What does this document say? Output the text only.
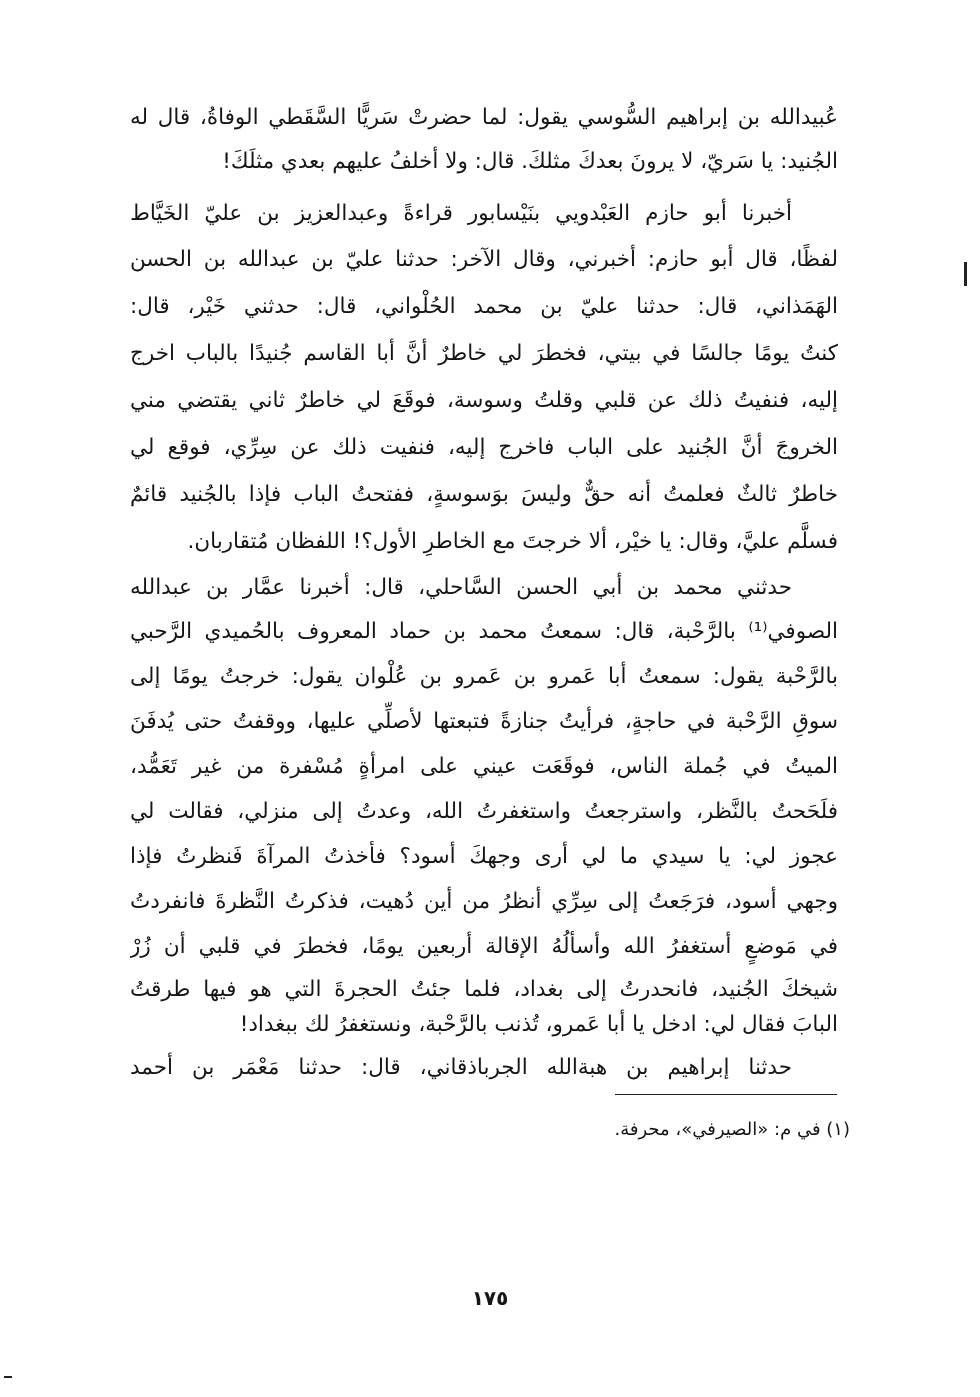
عُبيدالله بن إبراهيم السُّوسي يقول: لما حضرتْ سَريًّا السَّقَطي الوفاةُ، قال له
الجُنيد: يا سَريّ، لا يرونَ بعدكَ مثلكَ. قال: ولا أخلفُ عليهم بعدي مثلَكَ!
أخبرنا أبو حازم العَبْدويي بنَيْسابور قراءةً وعبدالعزيز بن عليّ الخَيَّاط
لفظًا، قال أبو حازم: أخبرني، وقال الآخر: حدثنا عليّ بن عبدالله بن الحسن
الهَمَذاني، قال: حدثنا عليّ بن محمد الحُلْواني، قال: حدثني خَيْر، قال:
كنتُ يومًا جالسًا في بيتي، فخطرَ لي خاطرٌ أنَّ أبا القاسم جُنيدًا بالباب اخرج
إليه، فنفيتُ ذلك عن قلبي وقلتُ وسوسة، فوقَعَ لي خاطرٌ ثاني يقتضي مني
الخروجَ أنَّ الجُنيد على الباب فاخرج إليه، فنفيت ذلك عن سِرِّي، فوقع لي
خاطرٌ ثالثٌ فعلمتُ أنه حقٌّ وليسَ بوَسوسةٍ، ففتحتُ الباب فإذا بالجُنيد قائمٌ
فسلَّم عليَّ، وقال: يا خيْر، ألا خرجتَ مع الخاطرِ الأول؟! اللفظان مُتقاربان.
حدثني محمد بن أبي الحسن السَّاحلي، قال: أخبرنا عمَّار بن عبدالله
الصوفي⁽¹⁾ بالرَّحْبة، قال: سمعتُ محمد بن حماد المعروف بالحُميدي الرَّحبي
بالرَّحْبة يقول: سمعتُ أبا عَمرو بن عَمرو بن عُلْوان يقول: خرجتُ يومًا إلى
سوقِ الرَّحْبة في حاجةٍ، فرأيتُ جنازةً فتبعتها لأصلِّي عليها، ووقفتُ حتى يُدفَنَ
الميتُ في جُملة الناس، فوقَعَت عيني على امرأةٍ مُسْفرة من غير تَعَمُّد،
فلَحَحتُ بالنَّظر، واسترجعتُ واستغفرتُ الله، وعدتُ إلى منزلي، فقالت لي
عجوز لي: يا سيدي ما لي أرى وجهكَ أسود؟ فأخذتُ المرآةَ فَنظرتُ فإذا
وجهي أسود، فرَجَعتُ إلى سِرِّي أنظرُ من أين دُهيت، فذكرتُ النَّظرةَ فانفردتُ
في مَوضعٍ أستغفرُ الله وأسألُهُ الإقالة أربعين يومًا، فخطرَ في قلبي أن زُرْ
شيخكَ الجُنيد، فانحدرتُ إلى بغداد، فلما جئتُ الحجرةَ التي هو فيها طرقتُ
البابَ فقال لي: ادخل يا أبا عَمرو، تُذنب بالرَّحْبة، ونستغفرُ لك ببغداد!
حدثنا إبراهيم بن هبةالله الجرباذقاني، قال: حدثنا مَعْمَر بن أحمد
(١) في م: «الصيرفي»، محرفة.
١٧٥
